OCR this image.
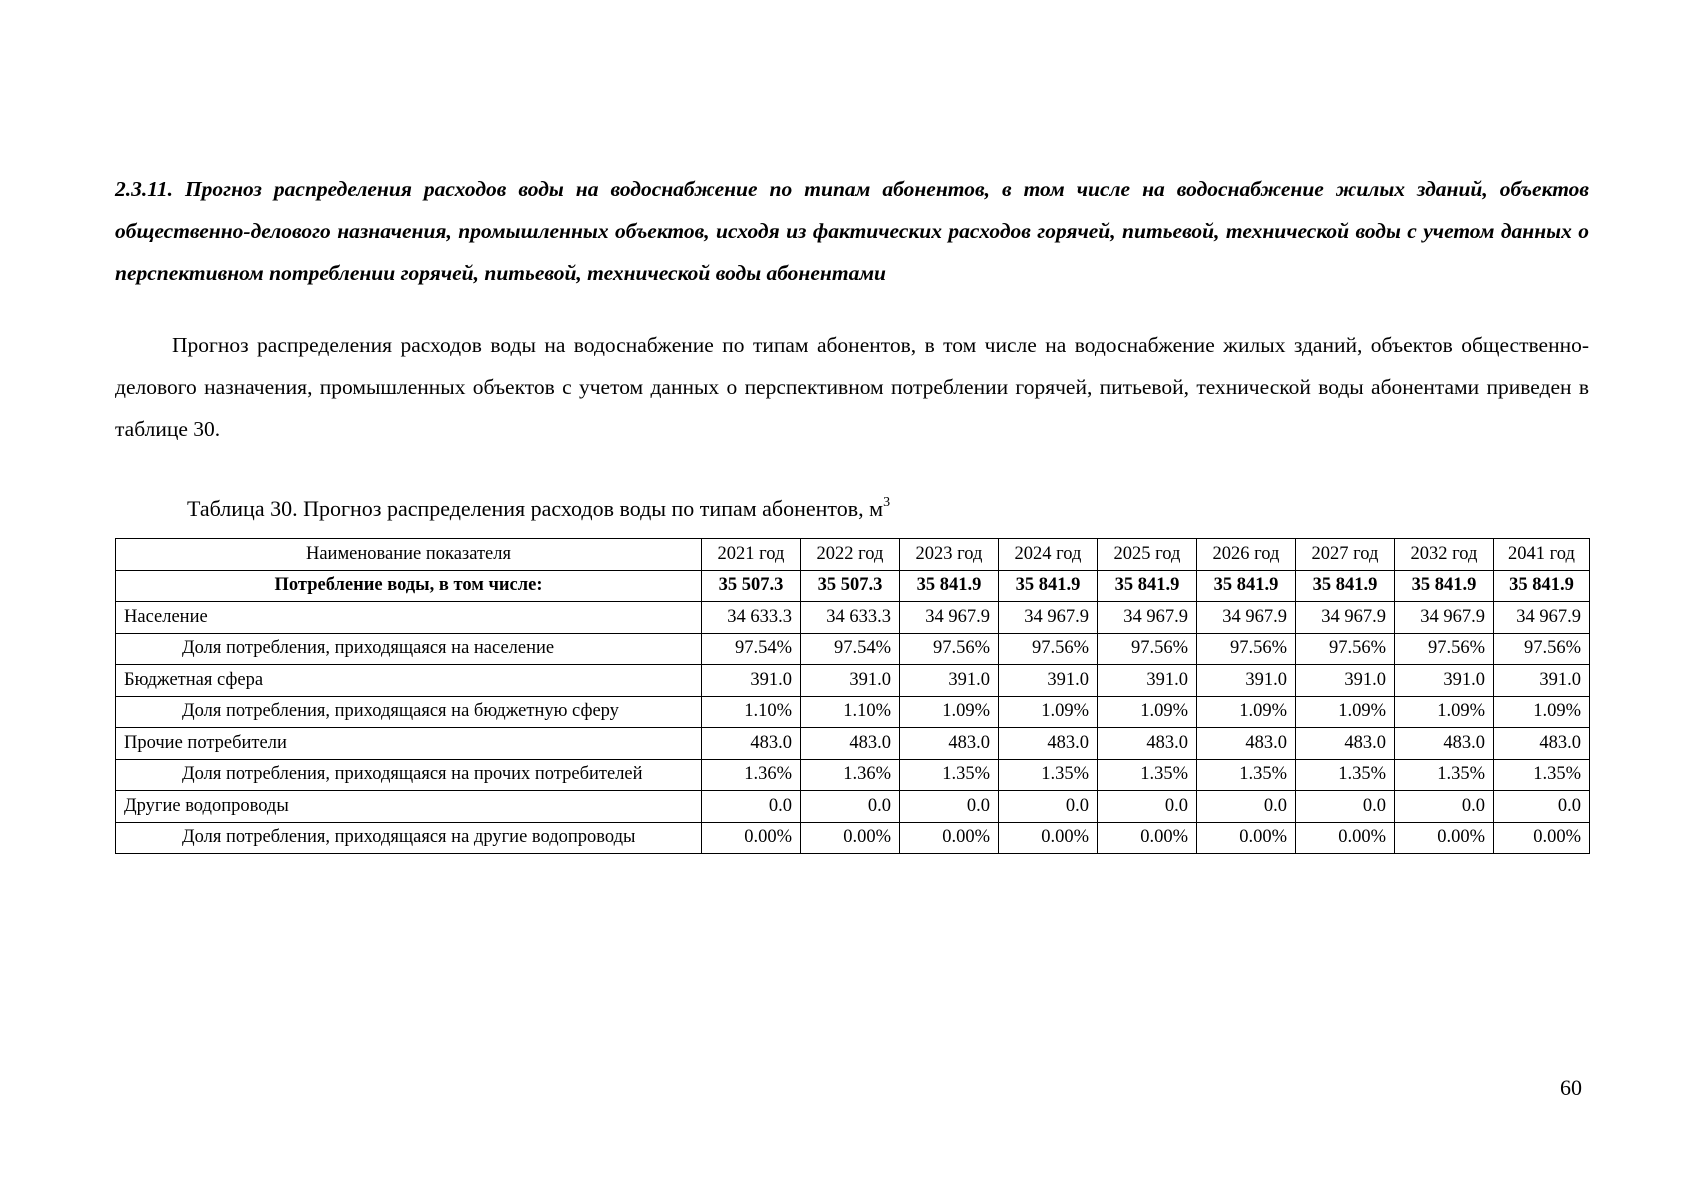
2.3.11. Прогноз распределения расходов воды на водоснабжение по типам абонентов, в том числе на водоснабжение жилых зданий, объектов общественно-делового назначения, промышленных объектов, исходя из фактических расходов горячей, питьевой, технической воды с учетом данных о перспективном потреблении горячей, питьевой, технической воды абонентами
Прогноз распределения расходов воды на водоснабжение по типам абонентов, в том числе на водоснабжение жилых зданий, объектов общественно-делового назначения, промышленных объектов с учетом данных о перспективном потреблении горячей, питьевой, технической воды абонентами приведен в таблице 30.
Таблица 30. Прогноз распределения расходов воды по типам абонентов, $м^3$
Наименование показателя	2021 год	2022 год	2023 год	2024 год	2025 год	2026 год	2027 год	2032 год	2041 год
Потребление воды, в том числе:	35 507.3	35 507.3	35 841.9	35 841.9	35 841.9	35 841.9	35 841.9	35 841.9	35 841.9
Население	34 633.3	34 633.3	34 967.9	34 967.9	34 967.9	34 967.9	34 967.9	34 967.9	34 967.9
Доля потребления, приходящаяся на население	97.54%	97.54%	97.56%	97.56%	97.56%	97.56%	97.56%	97.56%	97.56%
Бюджетная сфера	391.0	391.0	391.0	391.0	391.0	391.0	391.0	391.0	391.0
Доля потребления, приходящаяся на бюджетную сферу	1.10%	1.10%	1.09%	1.09%	1.09%	1.09%	1.09%	1.09%	1.09%
Прочие потребители	483.0	483.0	483.0	483.0	483.0	483.0	483.0	483.0	483.0
Доля потребления, приходящаяся на прочих потребителей	1.36%	1.36%	1.35%	1.35%	1.35%	1.35%	1.35%	1.35%	1.35%
Другие водопроводы	0.0	0.0	0.0	0.0	0.0	0.0	0.0	0.0	0.0
Доля потребления, приходящаяся на другие водопроводы	0.00%	0.00%	0.00%	0.00%	0.00%	0.00%	0.00%	0.00%	0.00%
60
